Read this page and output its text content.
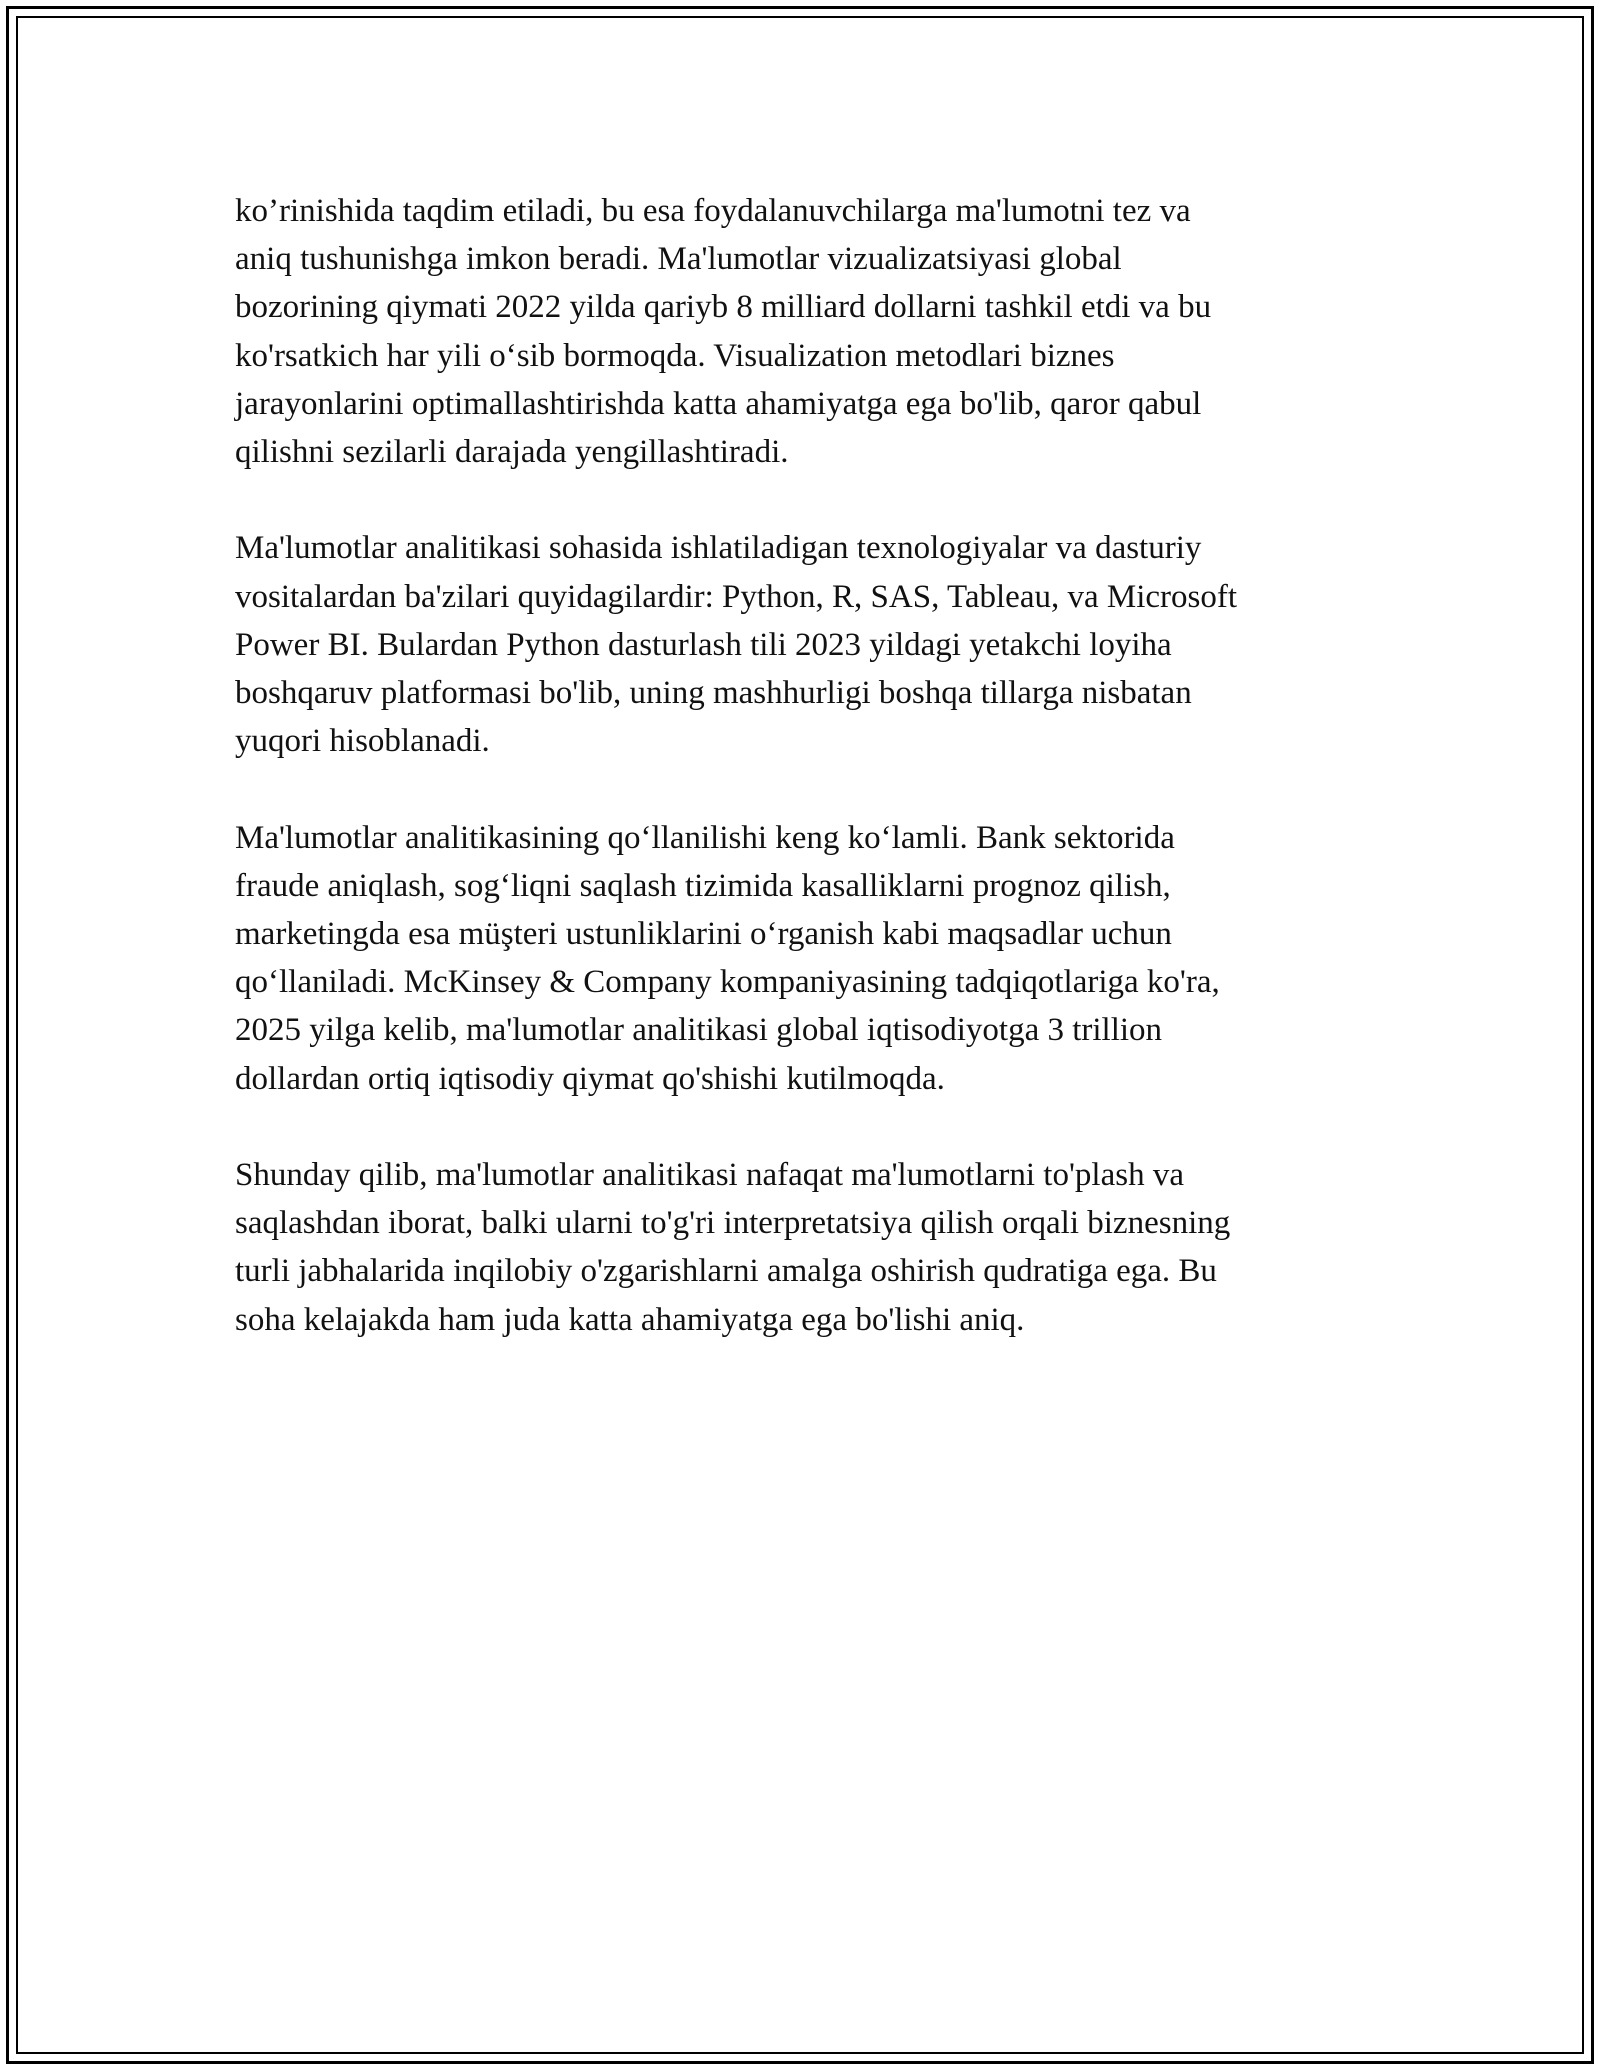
ko’rinishida taqdim etiladi, bu esa foydalanuvchilarga ma'lumotni tez va
aniq tushunishga imkon beradi. Ma'lumotlar vizualizatsiyasi global
bozorining qiymati 2022 yilda qariyb 8 milliard dollarni tashkil etdi va bu
ko'rsatkich har yili o‘sib bormoqda. Visualization metodlari biznes
jarayonlarini optimallashtirishda katta ahamiyatga ega bo'lib, qaror qabul
qilishni sezilarli darajada yengillashtiradi.

Ma'lumotlar analitikasi sohasida ishlatiladigan texnologiyalar va dasturiy
vositalardan ba'zilari quyidagilardir: Python, R, SAS, Tableau, va Microsoft
Power BI. Bulardan Python dasturlash tili 2023 yildagi yetakchi loyiha
boshqaruv platformasi bo'lib, uning mashhurligi boshqa tillarga nisbatan
yuqori hisoblanadi.

Ma'lumotlar analitikasining qo‘llanilishi keng ko‘lamli. Bank sektorida
fraude aniqlash, sog‘liqni saqlash tizimida kasalliklarni prognoz qilish,
marketingda esa müşteri ustunliklarini o‘rganish kabi maqsadlar uchun
qo‘llaniladi. McKinsey & Company kompaniyasining tadqiqotlariga ko'ra,
2025 yilga kelib, ma'lumotlar analitikasi global iqtisodiyotga 3 trillion
dollardan ortiq iqtisodiy qiymat qo'shishi kutilmoqda.

Shunday qilib, ma'lumotlar analitikasi nafaqat ma'lumotlarni to'plash va
saqlashdan iborat, balki ularni to'g'ri interpretatsiya qilish orqali biznesning
turli jabhalarida inqilobiy o'zgarishlarni amalga oshirish qudratiga ega. Bu
soha kelajakda ham juda katta ahamiyatga ega bo'lishi aniq.
